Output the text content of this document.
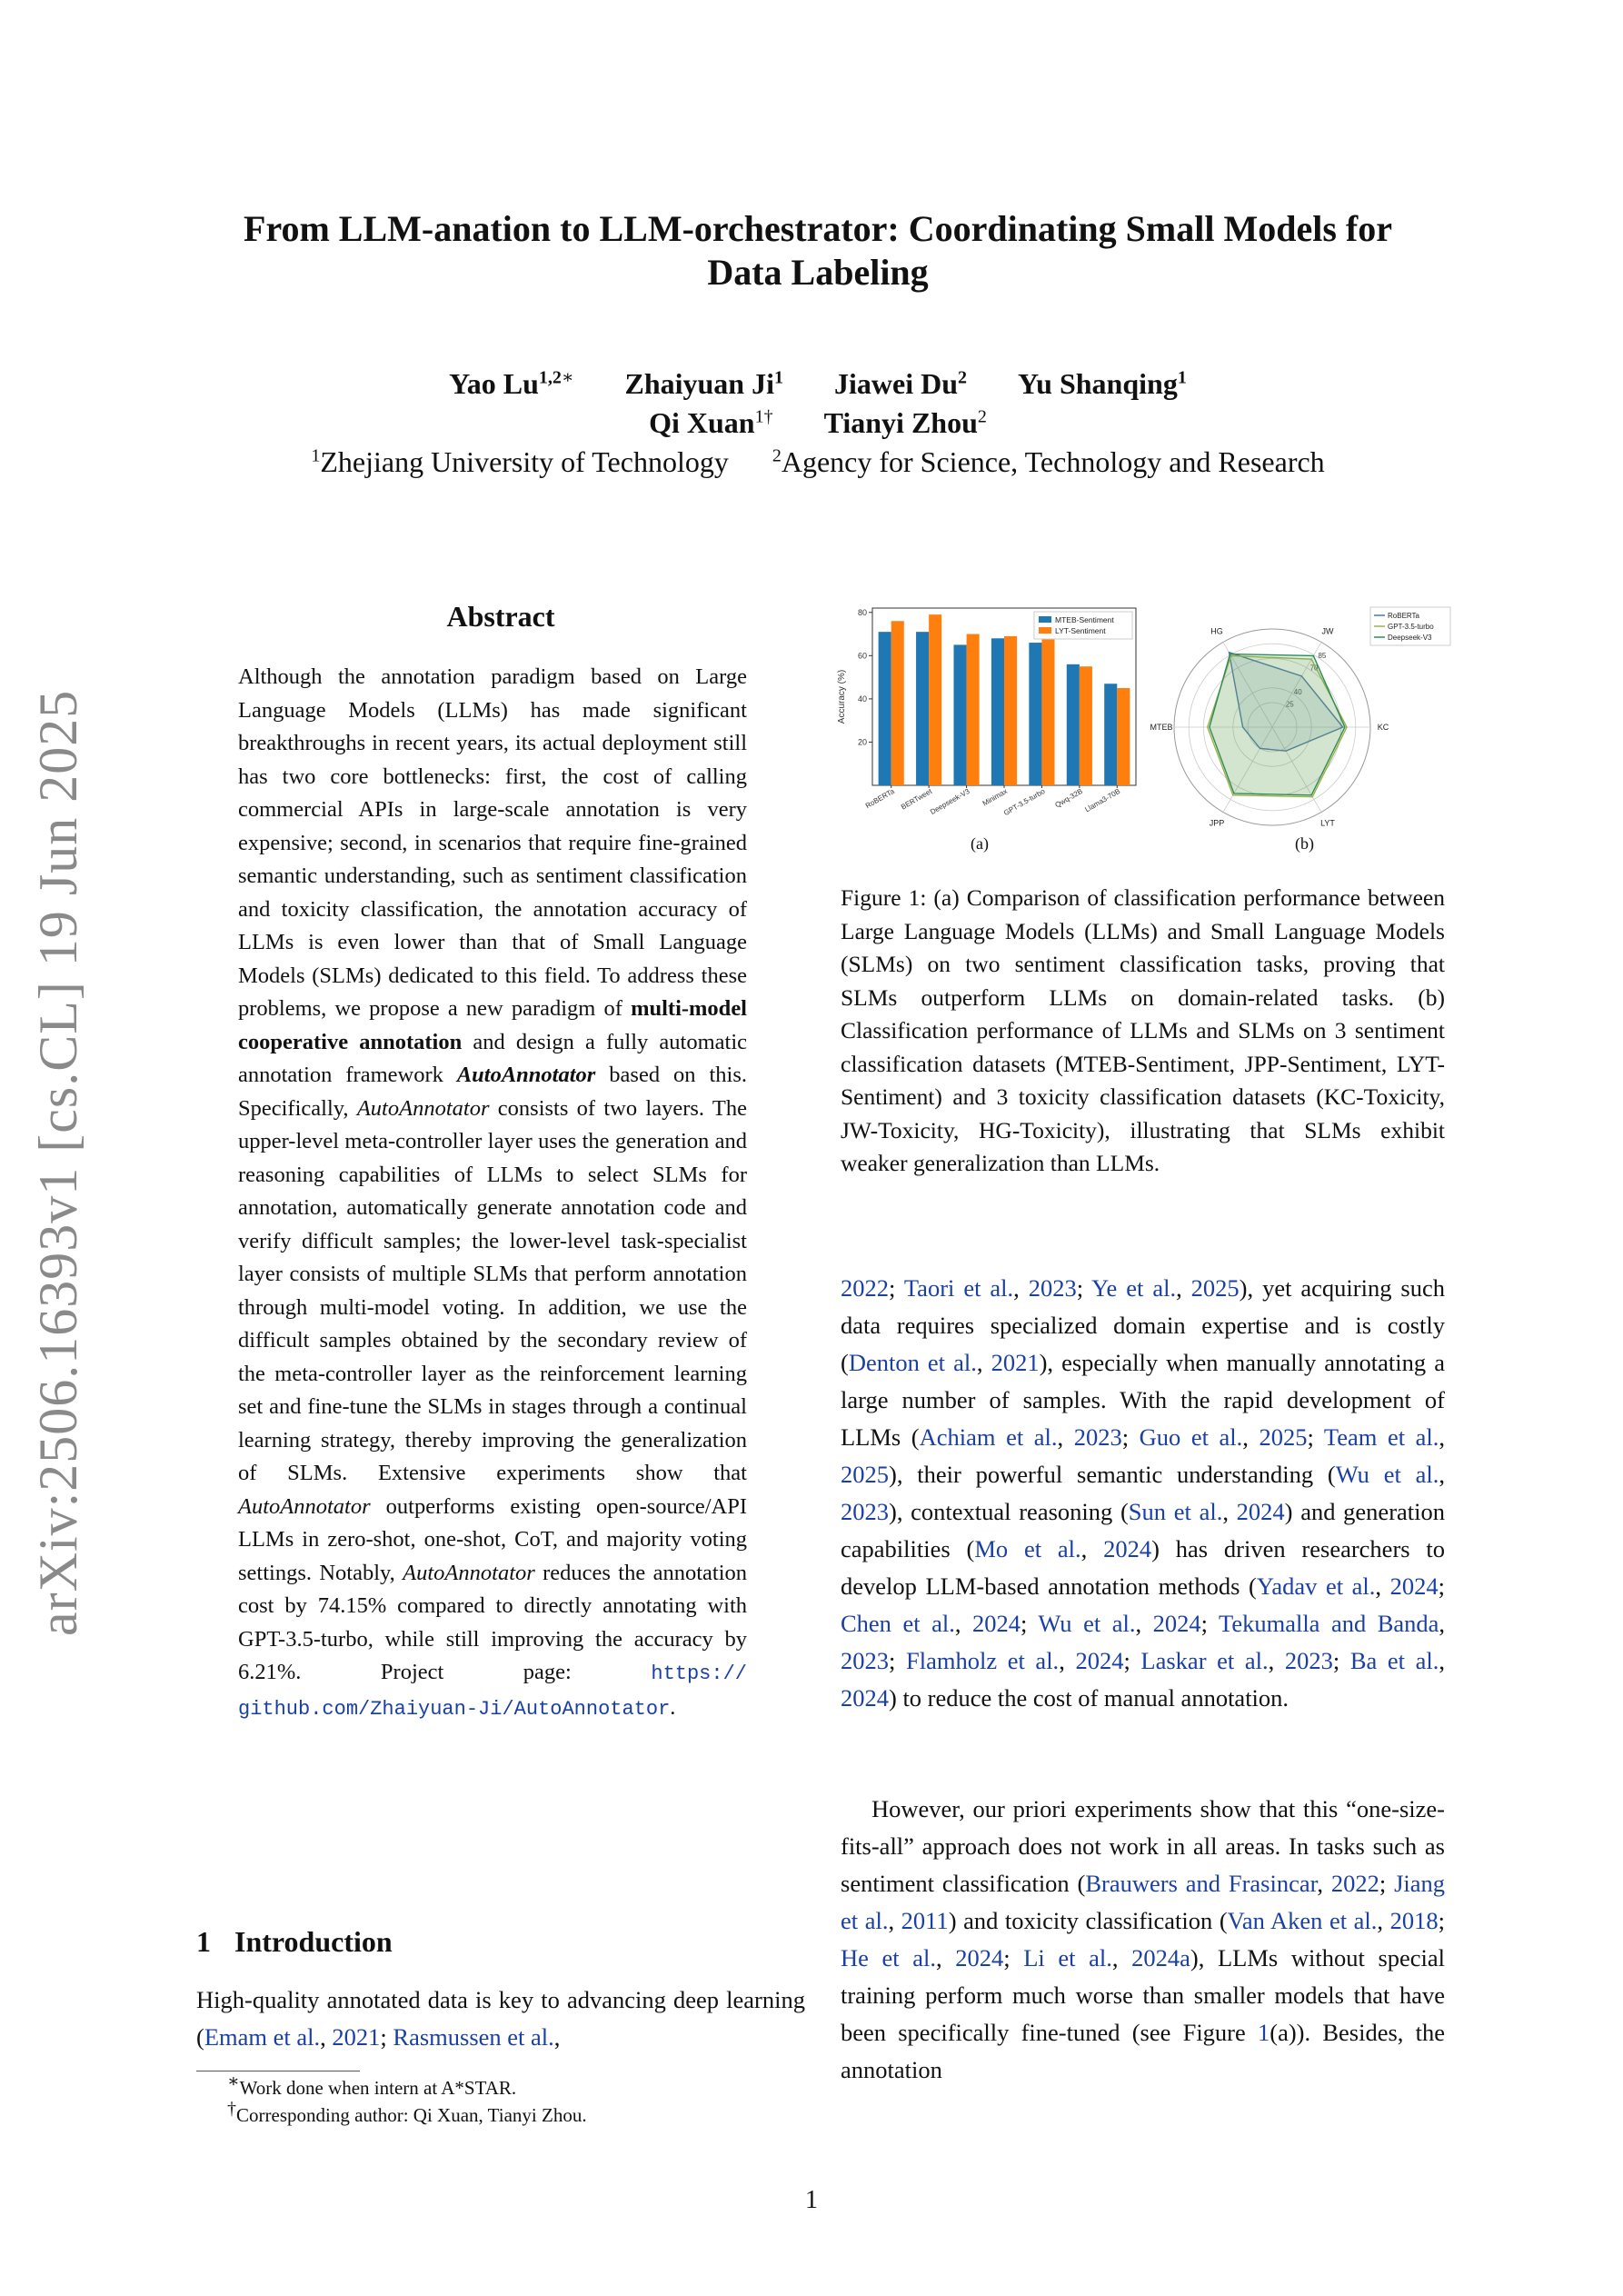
arXiv:2506.16393v1 [cs.CL] 19 Jun 2025
From LLM-anation to LLM-orchestrator: Coordinating Small Models for
Data Labeling
Yao $Lu^{1,2∗}$ Zhaiyuan Ji$^1$ Jiawei Du$^2$ Yu Shanqing$^1$
Qi Xuan$^{1\dagger}$ Tianyi Zhou$^2$
$^1$Zhejiang University of Technology $^2$Agency for Science, Technology and Research
Abstract
Although the annotation paradigm based on Large Language Models (LLMs) has made significant breakthroughs in recent years, its actual deployment still has two core bottlenecks: first, the cost of calling commercial APIs in large-scale annotation is very expensive; second, in scenarios that require fine-grained semantic understanding, such as sentiment classification and toxicity classification, the annotation accuracy of LLMs is even lower than that of Small Language Models (SLMs) dedicated to this field. To address these problems, we propose a new paradigm of multi-model cooperative annotation and design a fully automatic annotation framework AutoAnnotator based on this. Specifically, AutoAnnotator consists of two layers. The upper-level meta-controller layer uses the generation and reasoning capabilities of LLMs to select SLMs for annotation, automatically generate annotation code and verify difficult samples; the lower-level task-specialist layer consists of multiple SLMs that perform annotation through multi-model voting. In addition, we use the difficult samples obtained by the secondary review of the meta-controller layer as the reinforcement learning set and fine-tune the SLMs in stages through a continual learning strategy, thereby improving the generalization of SLMs. Extensive experiments show that AutoAnnotator outperforms existing open-source/API LLMs in zero-shot, one-shot, CoT, and majority voting settings. Notably, AutoAnnotator reduces the annotation cost by 74.15% compared to directly annotating with GPT-3.5-turbo, while still improving the accuracy by 6.21%. Project page: https:// github.com/Zhaiyuan-Ji/AutoAnnotator.
1 Introduction
High-quality annotated data is key to advancing deep learning (Emam et al., 2021; Rasmussen et al.,
∗Work done when intern at A*STAR.
†Corresponding author: Qi Xuan, Tianyi Zhou.
1
20
40
60
80
Accuracy (%)
RoBERTa BERTweet
Deepseek-V3 Minimax
GPT-3.5-turbo Qwq-32B Llama3-70B
MTEB-Sentiment
LYT-Sentiment
25
40
70
85
JW
KC
LYT
JPP
MTEB
HG
RoBERTa
GPT-3.5-turbo
Deepseek-V3
(a)	(b)
Figure 1: (a) Comparison of classification performance between Large Language Models (LLMs) and Small Language Models (SLMs) on two sentiment classification tasks, proving that SLMs outperform LLMs on domain-related tasks. (b) Classification performance of LLMs and SLMs on 3 sentiment classification datasets (MTEB-Sentiment, JPP-Sentiment, LYT-Sentiment) and 3 toxicity classification datasets (KC-Toxicity, JW-Toxicity, HG-Toxicity), illustrating that SLMs exhibit weaker generalization than LLMs.
2022; Taori et al., 2023; Ye et al., 2025), yet acquiring such data requires specialized domain expertise and is costly (Denton et al., 2021), especially when manually annotating a large number of samples. With the rapid development of LLMs (Achiam et al., 2023; Guo et al., 2025; Team et al., 2025), their powerful semantic understanding (Wu et al., 2023), contextual reasoning (Sun et al., 2024) and generation capabilities (Mo et al., 2024) has driven researchers to develop LLM-based annotation methods (Yadav et al., 2024; Chen et al., 2024; Wu et al., 2024; Tekumalla and Banda, 2023; Flamholz et al., 2024; Laskar et al., 2023; Ba et al., 2024) to reduce the cost of manual annotation.
However, our priori experiments show that this “one-size-fits-all” approach does not work in all areas. In tasks such as sentiment classification (Brauwers and Frasincar, 2022; Jiang et al., 2011) and toxicity classification (Van Aken et al., 2018; He et al., 2024; Li et al., 2024a), LLMs without special training perform much worse than smaller models that have been specifically fine-tuned (see Figure 1(a)). Besides, the annotation
